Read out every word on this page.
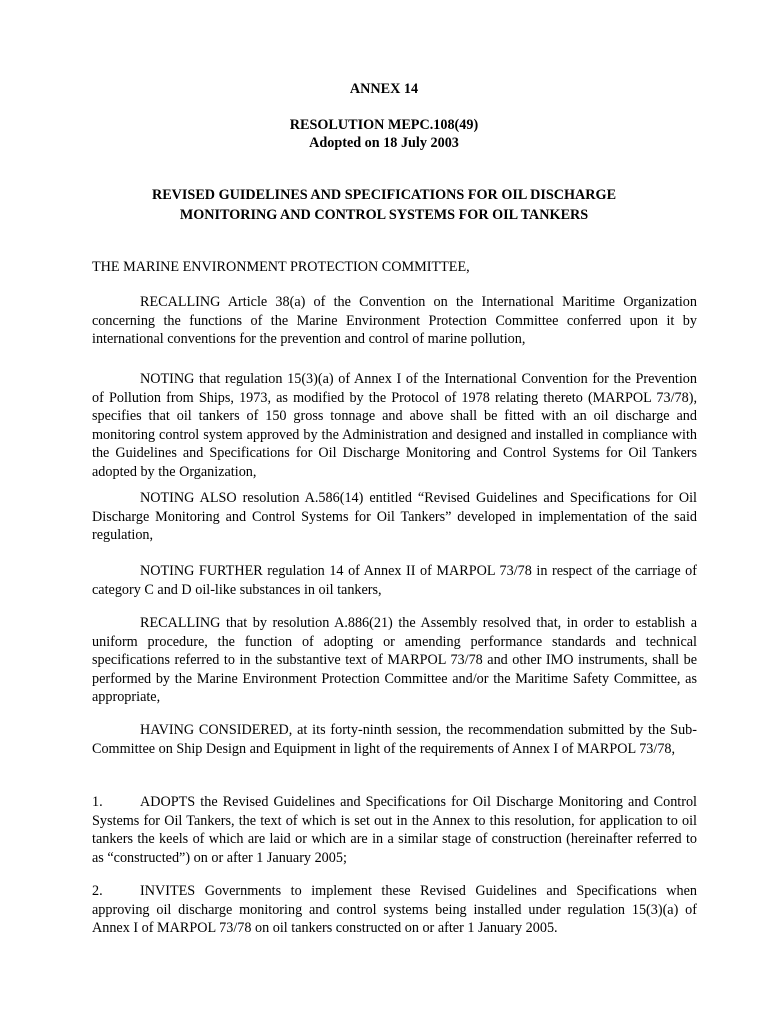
ANNEX 14

RESOLUTION MEPC.108(49)
Adopted on 18 July 2003
REVISED GUIDELINES AND SPECIFICATIONS FOR OIL DISCHARGE
MONITORING AND CONTROL SYSTEMS FOR OIL TANKERS

THE MARINE ENVIRONMENT PROTECTION COMMITTEE,

RECALLING Article 38(a) of the Convention on the International Maritime Organization concerning the functions of the Marine Environment Protection Committee conferred upon it by international conventions for the prevention and control of marine pollution,

NOTING that regulation 15(3)(a) of Annex I of the International Convention for the Prevention of Pollution from Ships, 1973, as modified by the Protocol of 1978 relating thereto (MARPOL 73/78), specifies that oil tankers of 150 gross tonnage and above shall be fitted with an oil discharge and monitoring control system approved by the Administration and designed and installed in compliance with the Guidelines and Specifications for Oil Discharge Monitoring and Control Systems for Oil Tankers adopted by the Organization,

NOTING ALSO resolution A.586(14) entitled “Revised Guidelines and Specifications for Oil Discharge Monitoring and Control Systems for Oil Tankers” developed in implementation of the said regulation,

NOTING FURTHER regulation 14 of Annex II of MARPOL 73/78 in respect of the carriage of category C and D oil-like substances in oil tankers,

RECALLING that by resolution A.886(21) the Assembly resolved that, in order to establish a uniform procedure, the function of adopting or amending performance standards and technical specifications referred to in the substantive text of MARPOL 73/78 and other IMO instruments, shall be performed by the Marine Environment Protection Committee and/or the Maritime Safety Committee, as appropriate,

HAVING CONSIDERED, at its forty-ninth session, the recommendation submitted by the Sub-Committee on Ship Design and Equipment in light of the requirements of Annex I of MARPOL 73/78,

1.	ADOPTS the Revised Guidelines and Specifications for Oil Discharge Monitoring and Control Systems for Oil Tankers, the text of which is set out in the Annex to this resolution, for application to oil tankers the keels of which are laid or which are in a similar stage of construction (hereinafter referred to as “constructed”) on or after 1 January 2005;

2.	INVITES Governments to implement these Revised Guidelines and Specifications when approving oil discharge monitoring and control systems being installed under regulation 15(3)(a) of Annex I of MARPOL 73/78 on oil tankers constructed on or after 1 January 2005.
